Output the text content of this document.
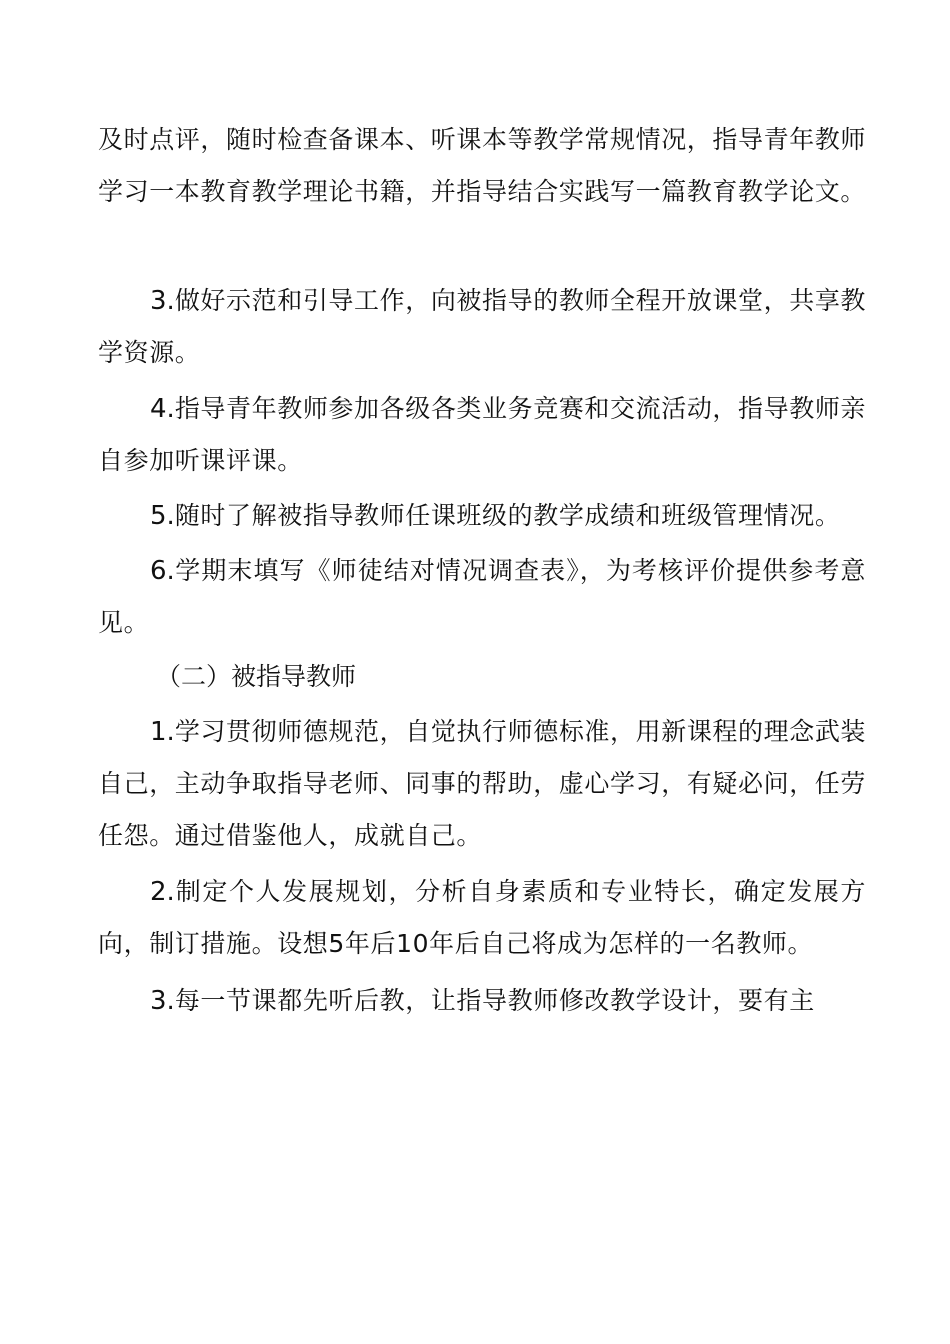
及时点评，随时检查备课本、听课本等教学常规情况，指导青年教师学习一本教育教学理论书籍，并指导结合实践写一篇教育教学论文。

3.做好示范和引导工作，向被指导的教师全程开放课堂，共享教学资源。

4.指导青年教师参加各级各类业务竞赛和交流活动，指导教师亲自参加听课评课。

5.随时了解被指导教师任课班级的教学成绩和班级管理情况。

6.学期末填写《师徒结对情况调查表》，为考核评价提供参考意见。

（二）被指导教师

1.学习贯彻师德规范，自觉执行师德标准，用新课程的理念武装自己，主动争取指导老师、同事的帮助，虚心学习，有疑必问，任劳任怨。通过借鉴他人，成就自己。

2.制定个人发展规划，分析自身素质和专业特长，确定发展方向，制订措施。设想5年后10年后自己将成为怎样的一名教师。

3.每一节课都先听后教，让指导教师修改教学设计，要有主
